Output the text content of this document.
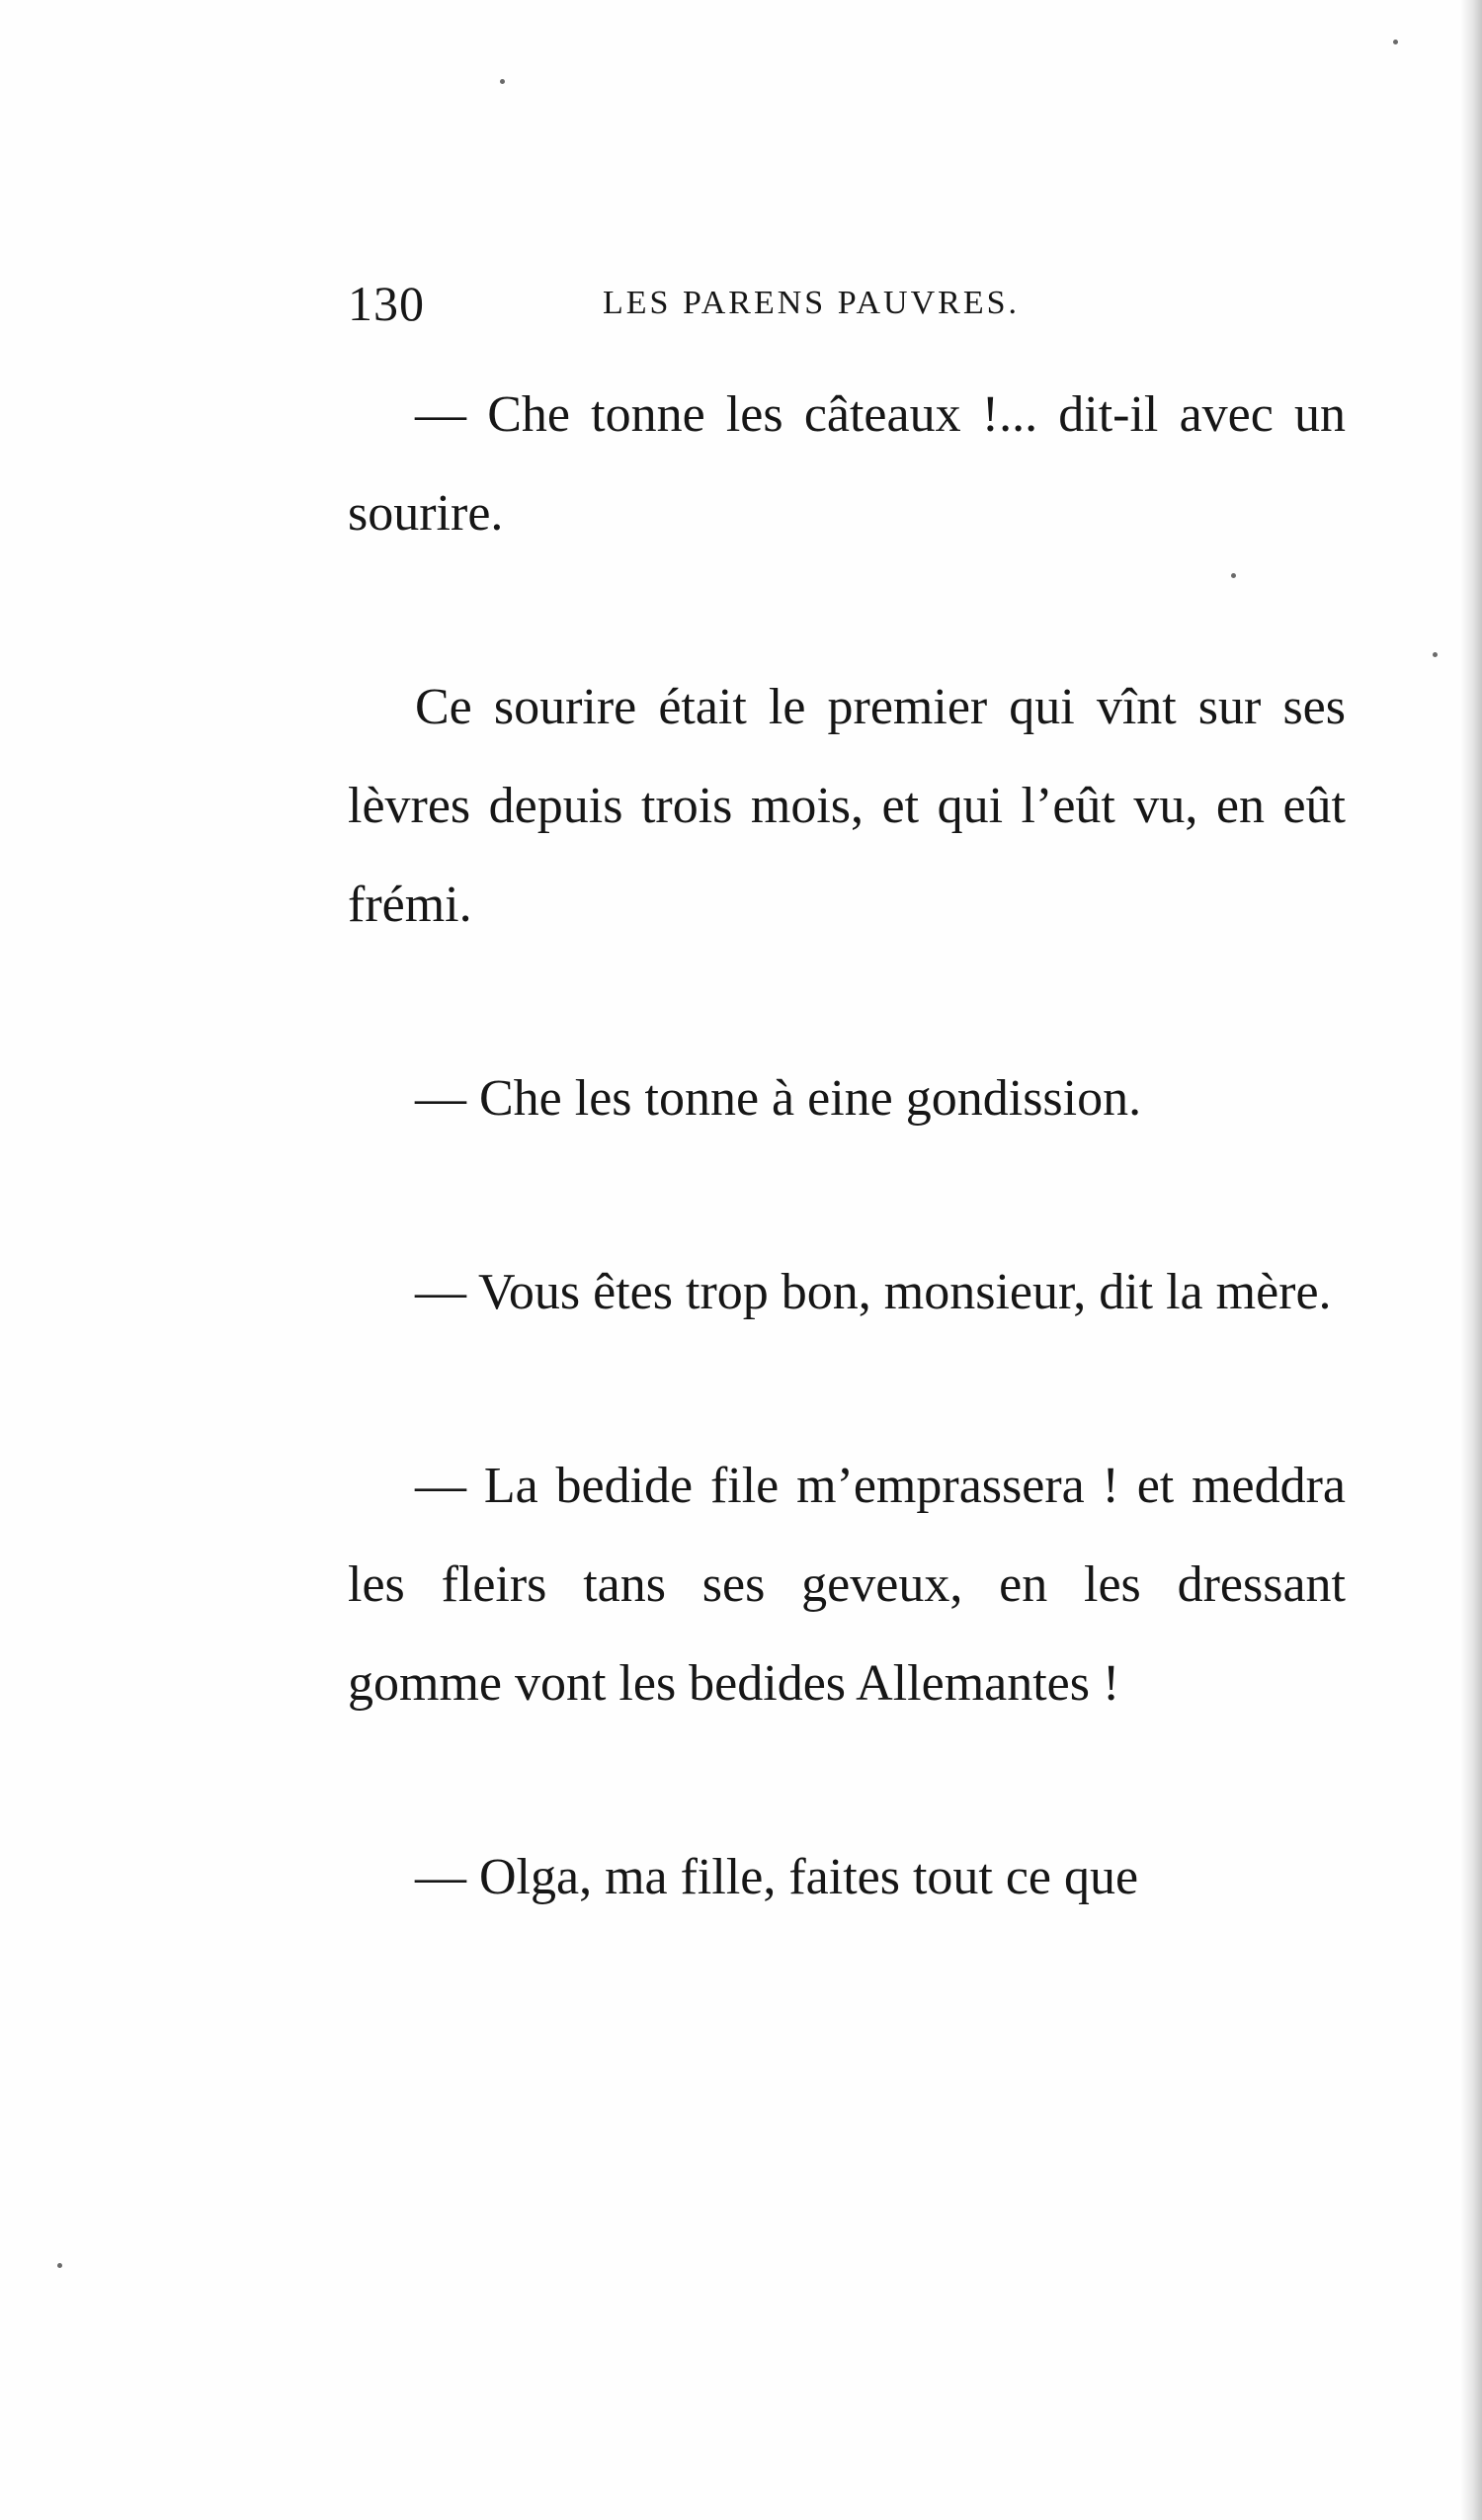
130	LES PARENS PAUVRES.

— Che tonne les câteaux !... dit-il avec un sourire.

Ce sourire était le premier qui vînt sur ses lèvres depuis trois mois, et qui l’eût vu, en eût frémi.

— Che les tonne à eine gondission.

— Vous êtes trop bon, monsieur, dit la mère.

— La bedide file m’emprassera ! et meddra les fleirs tans ses geveux, en les dressant gomme vont les bedides Allemantes !

— Olga, ma fille, faites tout ce que
